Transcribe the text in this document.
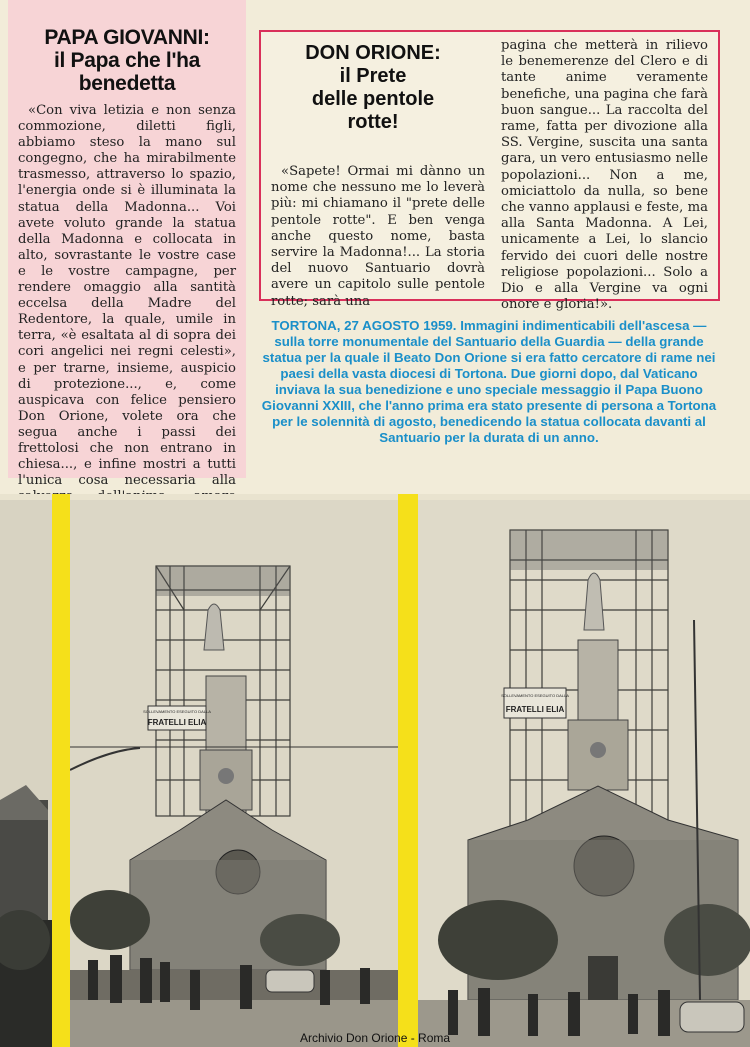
PAPA GIOVANNI:
il Papa che l'ha
benedetta
«Con viva letizia e non senza commozione, diletti figli, abbiamo steso la mano sul congegno, che ha mirabilmente trasmesso, attraverso lo spazio, l'energia onde si è illuminata la statua della Madonna... Voi avete voluto grande la statua della Madonna e collocata in alto, sovrastante le vostre case e le vostre campagne, per rendere omaggio alla santità eccelsa della Madre del Redentore, la quale, umile in terra, «è esaltata al di sopra dei cori angelici nei regni celesti», e per trarne, insieme, auspicio di protezione..., e, come auspicava con felice pensiero Don Orione, volete ora che segua anche i passi dei frettolosi che non entrano in chiesa..., e infine mostri a tutti l'unica cosa necessaria alla
DON ORIONE:
il Prete
delle pentole
rotte!
«Sapete! Ormai mi dànno un nome che nessuno me lo leverà più: mi chiamano il "prete delle pentole rotte". E ben venga anche questo nome, basta servire la Madonna!... La storia del nuovo Santuario dovrà avere un capitolo sulle pentole rotte; sarà una
pagina che metterà in rilievo le benemerenze del Clero e di tante anime veramente benefiche, una pagina che farà buon sangue... La raccolta del rame, fatta per divozione alla SS. Vergine, suscita una santa gara, un vero entusiasmo nelle popolazioni... Non a me, omiciattolo da nulla, so bene che vanno applausi e feste, ma alla Santa Madonna. A Lei, unicamente a Lei, lo slancio fervido dei cuori delle nostre religiose popolazioni... Solo a Dio e alla Vergine va ogni onore e gloria!».
TORTONA, 27 AGOSTO 1959. Immagini indimenticabili dell'ascesa — sulla torre monumentale del Santuario della Guardia — della grande statua per la quale il Beato Don Orione si era fatto cercatore di rame nei paesi della vasta diocesi di Tortona. Due giorni dopo, dal Vaticano inviava la sua benedizione e uno speciale messaggio il Papa Buono Giovanni XXIII, che l'anno prima era stato presente di persona a Tortona per le solennità di agosto, benedicendo la statua collocata davanti al Santuario per la durata di un anno.
SOLLEVAMENTO ESEGUITO DALLA
FRATELLI ELIA
SOLLEVAMENTO ESEGUITO DALLA
FRATELLI ELIA
Archivio Don Orione - Roma
